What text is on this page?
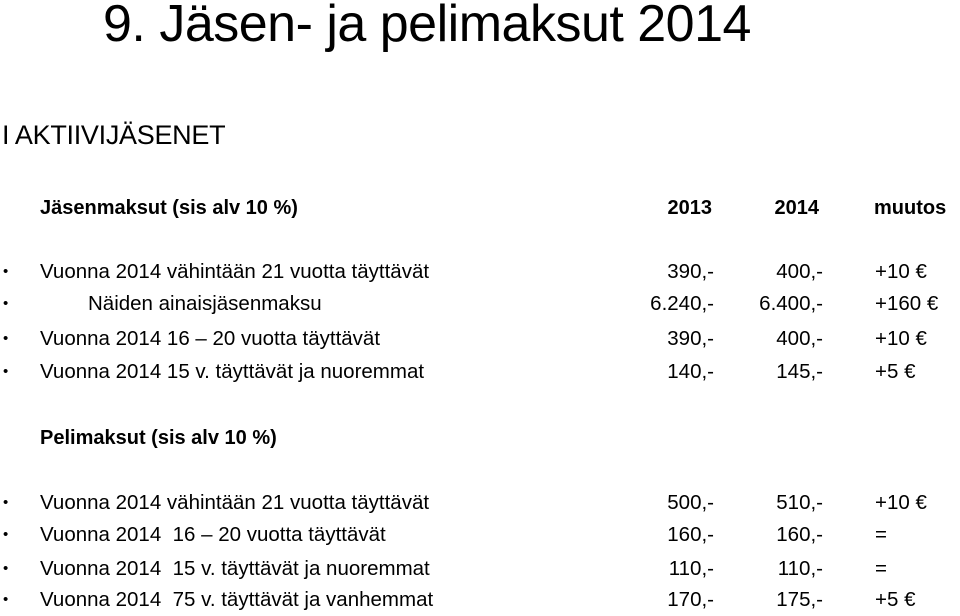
9. Jäsen- ja pelimaksut 2014
I AKTIIVIJÄSENET
Jäsenmaksut (sis alv 10 %)	2013	2014	muutos
• Vuonna 2014 vähintään 21 vuotta täyttävät	390,-	400,-	+10 €
•	Näiden ainaisjäsenmaksu	6.240,- 6.400,-	+160 €
• Vuonna 2014 16 – 20 vuotta täyttävät	390,-	400,-	+10 €
• Vuonna 2014 15 v. täyttävät ja nuoremmat	140,-	145,-	+5 €
Pelimaksut (sis alv 10 %)
• Vuonna 2014 vähintään 21 vuotta täyttävät	500,-	510,-	+10 €
• Vuonna 2014  16 – 20 vuotta täyttävät	160,-	160,-	=
• Vuonna 2014  15 v. täyttävät ja nuoremmat	110,-	110,-	=
• Vuonna 2014  75 v. täyttävät ja vanhemmat	170,-	175,-	+5 €
